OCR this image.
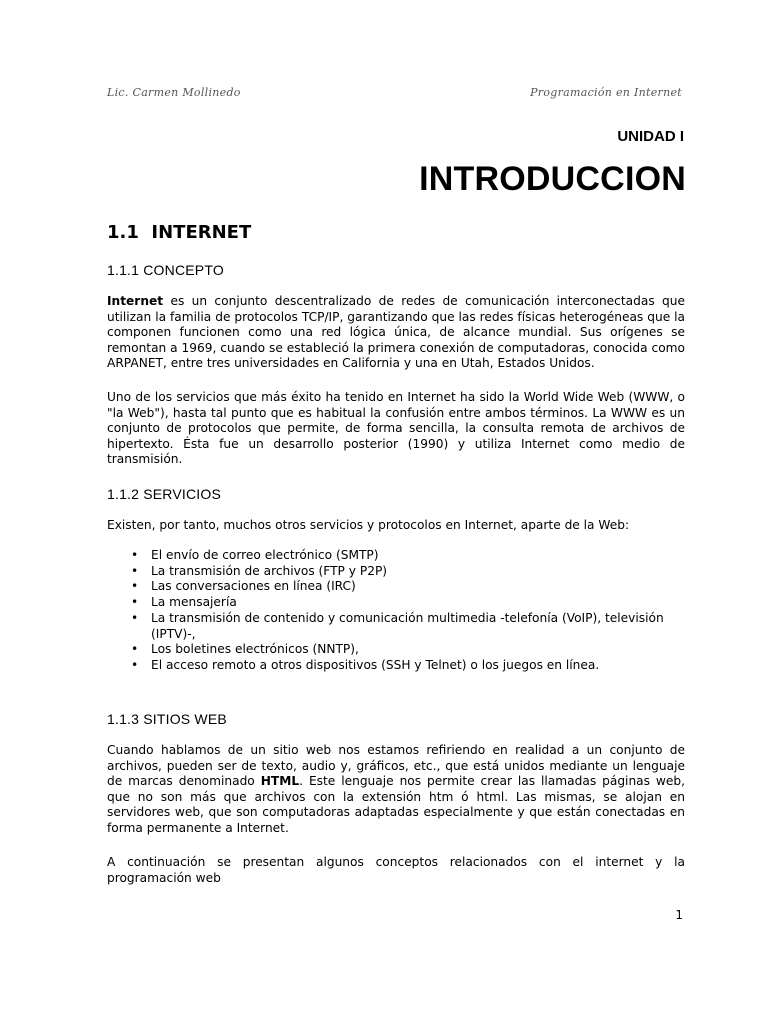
Lic. Carmen Mollinedo	Programación en Internet
UNIDAD I
INTRODUCCION
1.1  INTERNET
1.1.1 CONCEPTO
Internet es un conjunto descentralizado de redes de comunicación interconectadas que utilizan la familia de protocolos TCP/IP, garantizando que las redes físicas heterogéneas que la componen funcionen como una red lógica única, de alcance mundial. Sus orígenes se remontan a 1969, cuando se estableció la primera conexión de computadoras, conocida como ARPANET, entre tres universidades en California y una en Utah, Estados Unidos.
Uno de los servicios que más éxito ha tenido en Internet ha sido la World Wide Web (WWW, o "la Web"), hasta tal punto que es habitual la confusión entre ambos términos. La WWW es un conjunto de protocolos que permite, de forma sencilla, la consulta remota de archivos de hipertexto. Ésta fue un desarrollo posterior (1990) y utiliza Internet como medio de transmisión.
1.1.2 SERVICIOS
Existen, por tanto, muchos otros servicios y protocolos en Internet, aparte de la Web:
• El envío de correo electrónico (SMTP)
• La transmisión de archivos (FTP y P2P)
• Las conversaciones en línea (IRC)
• La mensajería
• La transmisión de contenido y comunicación multimedia -telefonía (VoIP), televisión (IPTV)-,
• Los boletines electrónicos (NNTP),
• El acceso remoto a otros dispositivos (SSH y Telnet) o los juegos en línea.
1.1.3 SITIOS WEB
Cuando hablamos de un sitio web nos estamos refiriendo en realidad a un conjunto de archivos, pueden ser de texto, audio y, gráficos, etc., que está unidos mediante un lenguaje de marcas denominado HTML. Este lenguaje nos permite crear las llamadas páginas web, que no son más que archivos con la extensión htm ó html. Las mismas, se alojan en servidores web, que son computadoras adaptadas especialmente y que están conectadas en forma permanente a Internet.
A continuación se presentan algunos conceptos relacionados con el internet y la programación web
1
